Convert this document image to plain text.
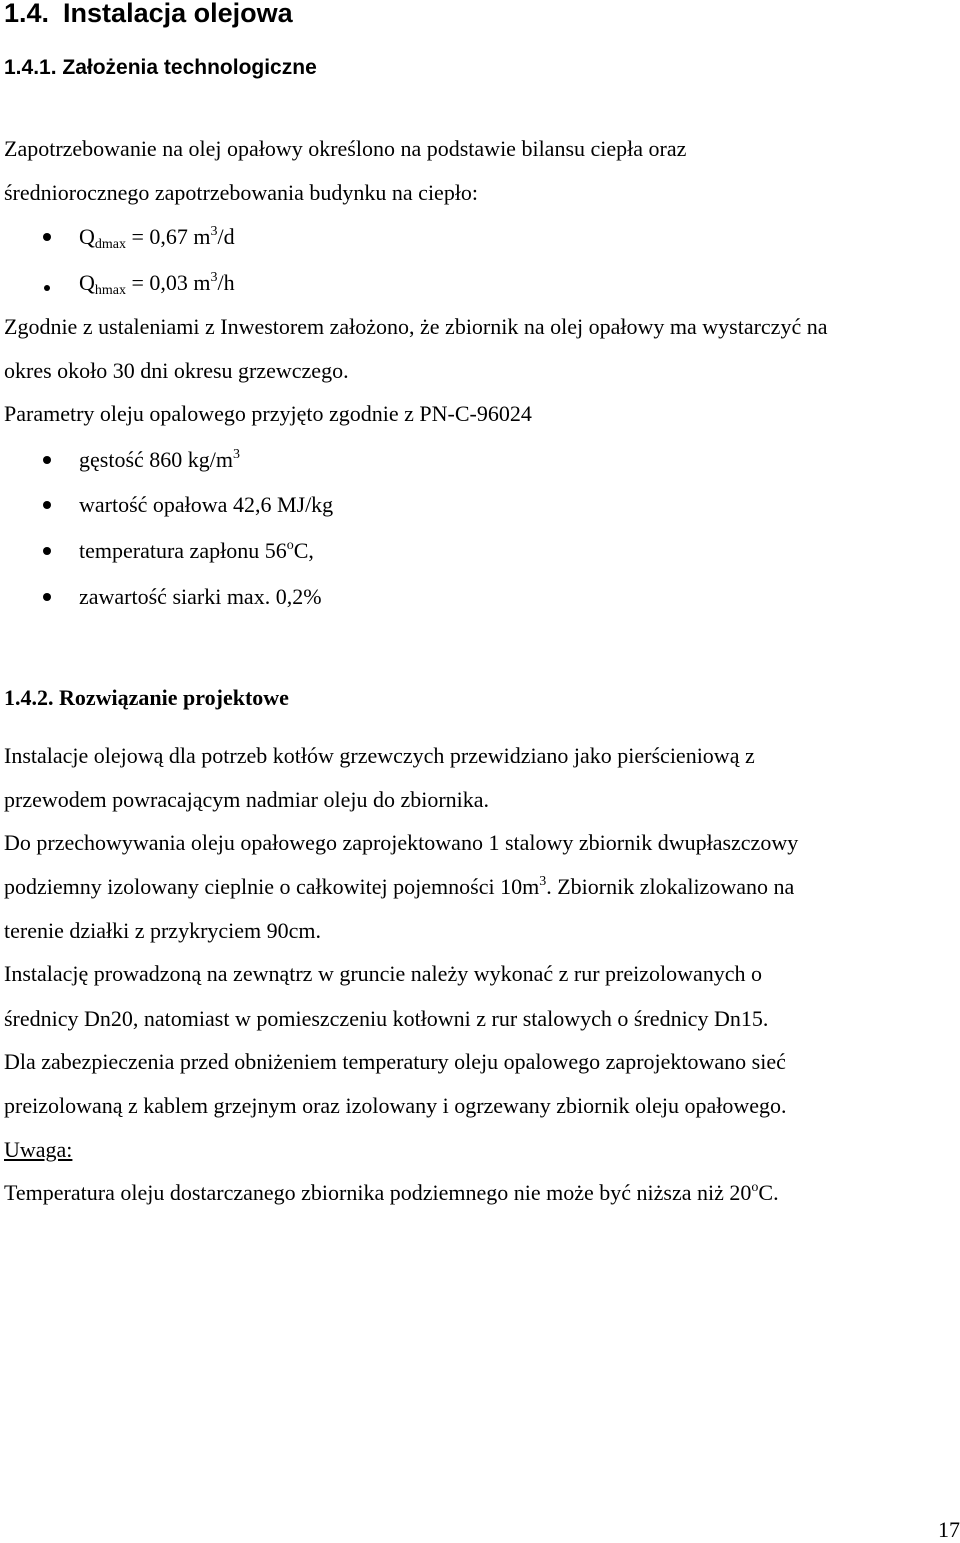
1.4. Instalacja olejowa
1.4.1. Założenia technologiczne
Zapotrzebowanie na olej opałowy określono na podstawie bilansu ciepła oraz
średniorocznego zapotrzebowania budynku na ciepło:
$Q_{dmax} = 0,67$ $m^3/d$
$Q_{hmax} = 0,03$ $m^3/h$
Zgodnie z ustaleniami z Inwestorem założono, że zbiornik na olej opałowy ma wystarczyć na
okres około 30 dni okresu grzewczego.
Parametry oleju opalowego przyjęto zgodnie z PN-C-96024
gęstość 860 $kg/m^3$
wartość opałowa 42,6 MJ/kg
temperatura zapłonu 56$^o$C,
zawartość siarki max. 0,2%
1.4.2. Rozwiązanie projektowe
Instalacje olejową dla potrzeb kotłów grzewczych przewidziano jako pierścieniową z
przewodem powracającym nadmiar oleju do zbiornika.
Do przechowywania oleju opałowego zaprojektowano 1 stalowy zbiornik dwupłaszczowy
podziemny izolowany cieplnie o całkowitej pojemności $10m^3$. Zbiornik zlokalizowano na
terenie działki z przykryciem 90cm.
Instalację prowadzoną na zewnątrz w gruncie należy wykonać z rur preizolowanych o
średnicy Dn20, natomiast w pomieszczeniu kotłowni z rur stalowych o średnicy Dn15.
Dla zabezpieczenia przed obniżeniem temperatury oleju opalowego zaprojektowano sieć
preizolowaną z kablem grzejnym oraz izolowany i ogrzewany zbiornik oleju opałowego.
Uwaga:
Temperatura oleju dostarczanego zbiornika podziemnego nie może być niższa niż 20$^o$C.
17
